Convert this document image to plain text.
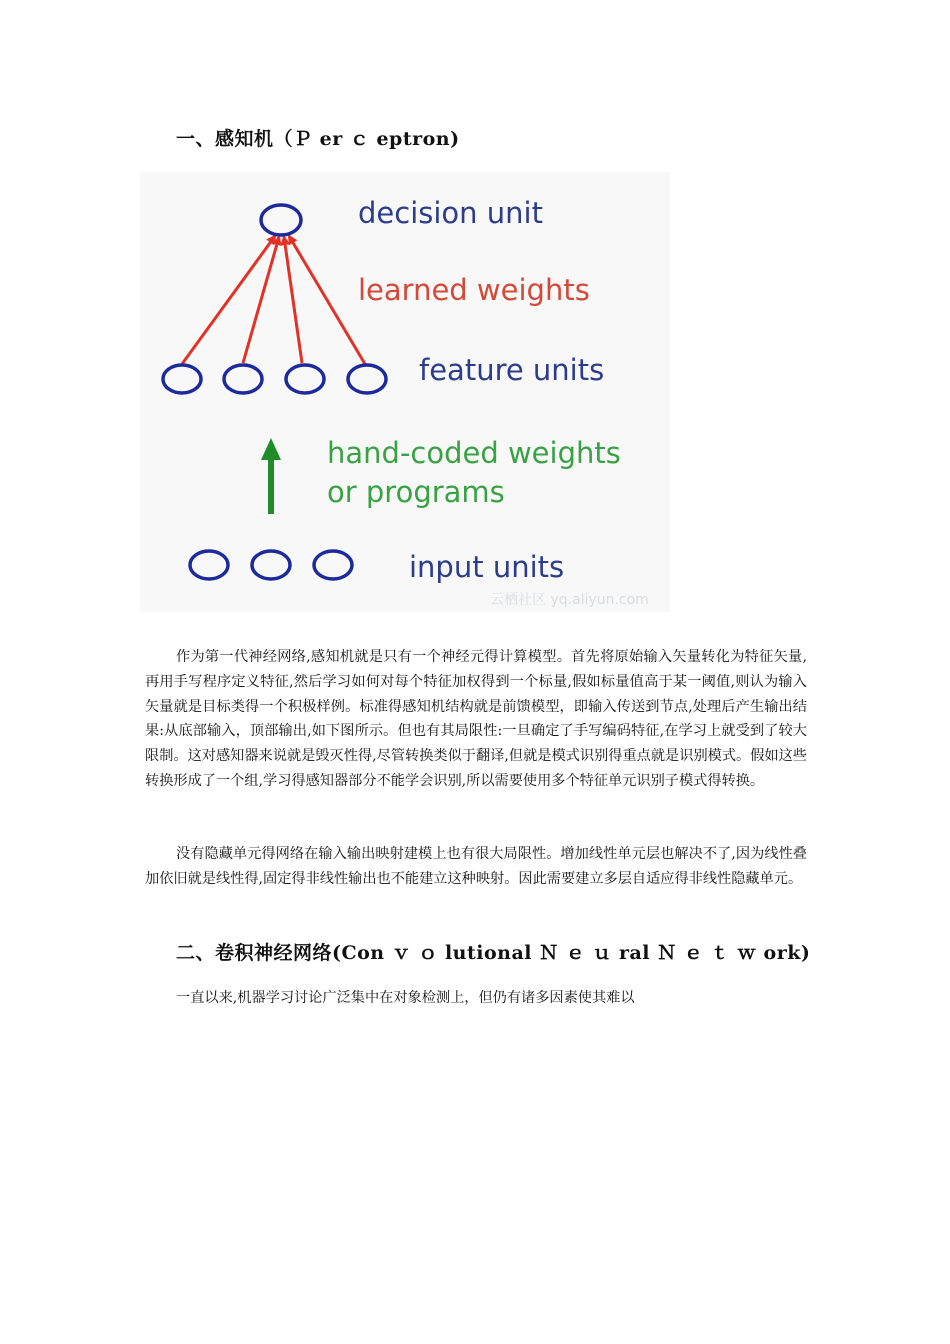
一、感知机（Ｐ er ｃ eptron)
decision unit
learned weights
feature units
hand-coded weights
or programs
input units
云栖社区 yq.aliyun.com

作为第一代神经网络,感知机就是只有一个神经元得计算模型。首先将原始输入矢量转化为特征矢量,再用手写程序定义特征,然后学习如何对每个特征加权得到一个标量,假如标量值高于某一阈值,则认为输入矢量就是目标类得一个积极样例。标准得感知机结构就是前馈模型，即输入传送到节点,处理后产生输出结果:从底部输入，顶部输出,如下图所示。但也有其局限性:一旦确定了手写编码特征,在学习上就受到了较大限制。这对感知器来说就是毁灭性得,尽管转换类似于翻译,但就是模式识别得重点就是识别模式。假如这些转换形成了一个组,学习得感知器部分不能学会识别,所以需要使用多个特征单元识别子模式得转换。

没有隐藏单元得网络在输入输出映射建模上也有很大局限性。增加线性单元层也解决不了,因为线性叠加依旧就是线性得,固定得非线性输出也不能建立这种映射。因此需要建立多层自适应得非线性隐藏单元。

二、卷积神经网络(Con ｖ ｏ lutional Ｎ ｅ ｕ ral Ｎ ｅ ｔ ｗ ork)

一直以来,机器学习讨论广泛集中在对象检测上，但仍有诸多因素使其难以
